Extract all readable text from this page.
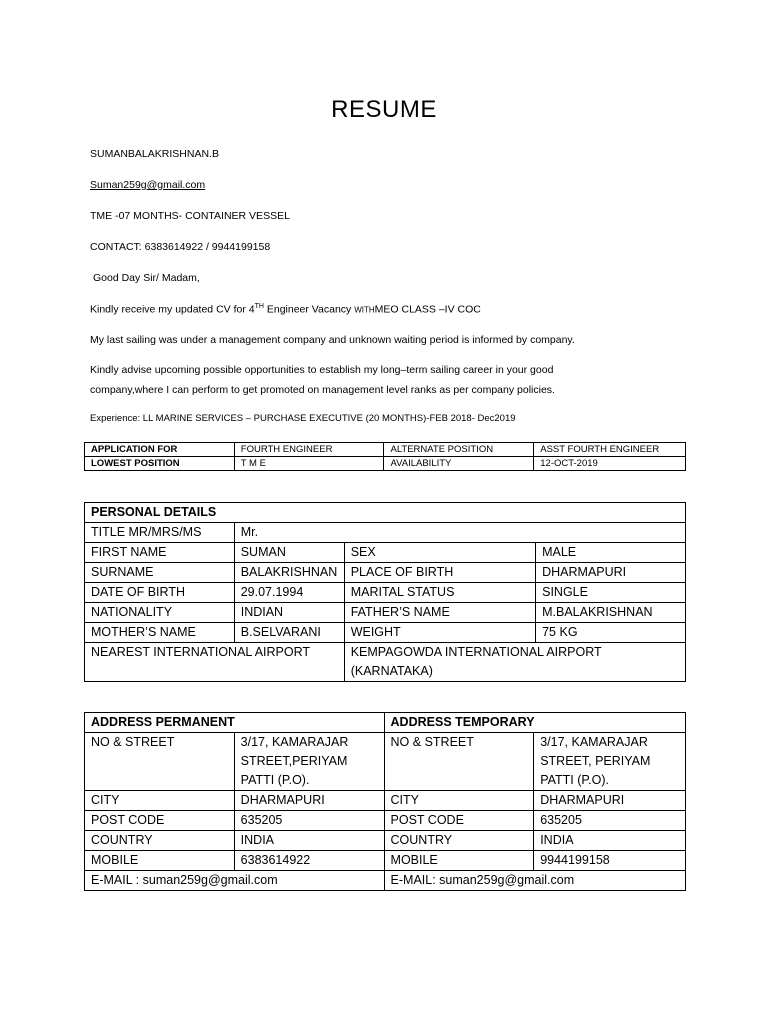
RESUME
SUMANBALAKRISHNAN.B
Suman259g@gmail.com
TME -07 MONTHS- CONTAINER VESSEL
CONTACT: 6383614922 / 9944199158
Good Day Sir/ Madam,
Kindly receive my updated CV for 4TH Engineer Vacancy WITHMEO CLASS –IV COC
My last sailing was under a management company and unknown waiting period is informed by company.
Kindly advise upcoming possible opportunities to establish my long–term sailing career in your good
company,where I can perform to get promoted on management level ranks as per company policies.
Experience: LL MARINE SERVICES – PURCHASE EXECUTIVE (20 MONTHS)-FEB 2018- Dec2019
APPLICATION FOR	FOURTH ENGINEER	ALTERNATE POSITION	ASST FOURTH ENGINEER
LOWEST POSITION	T M E	AVAILABILITY	12-OCT-2019
PERSONAL DETAILS			
TITLE MR/MRS/MS	Mr.		
FIRST NAME	SUMAN	SEX	MALE
SURNAME	BALAKRISHNAN	PLACE OF BIRTH	DHARMAPURI
DATE OF BIRTH	29.07.1994	MARITAL STATUS	SINGLE
NATIONALITY	INDIAN	FATHER’S NAME	M.BALAKRISHNAN
MOTHER’S NAME	B.SELVARANI	WEIGHT	75 KG
NEAREST INTERNATIONAL AIRPORT		KEMPAGOWDA INTERNATIONAL AIRPORT (KARNATAKA)	
ADDRESS PERMANENT		ADDRESS TEMPORARY	
NO & STREET	3/17, KAMARAJAR STREET,PERIYAM PATTI (P.O).	NO & STREET	3/17, KAMARAJAR STREET, PERIYAM PATTI (P.O).
CITY	DHARMAPURI	CITY	DHARMAPURI
POST CODE	635205	POST CODE	635205
COUNTRY	INDIA	COUNTRY	INDIA
MOBILE	6383614922	MOBILE	9944199158
E-MAIL : suman259g@gmail.com		E-MAIL: suman259g@gmail.com	
